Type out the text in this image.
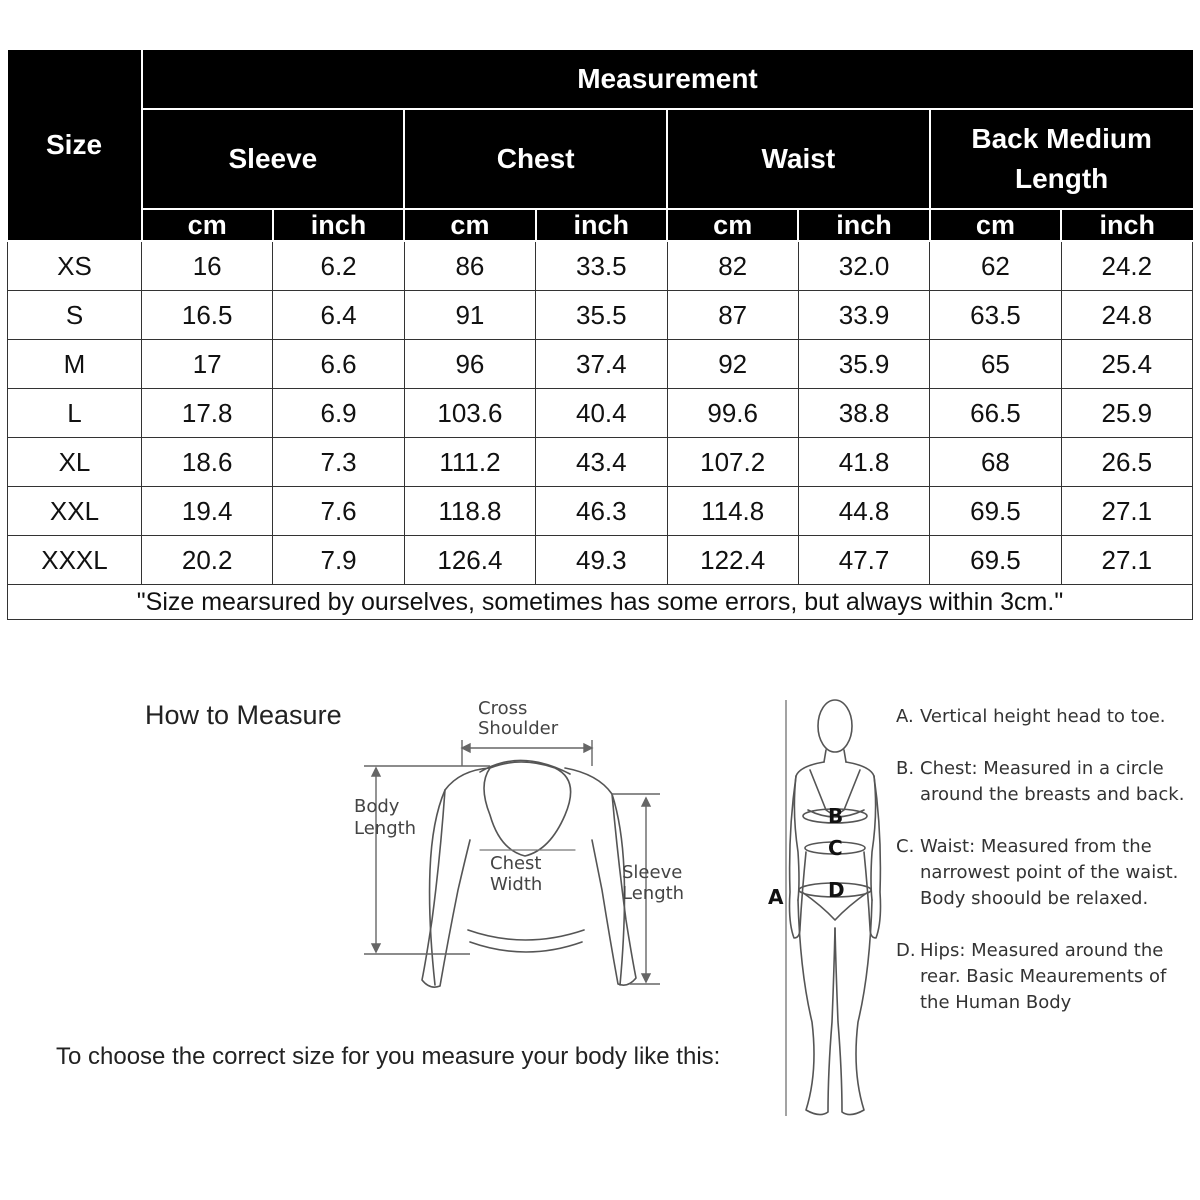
Size	Measurement							
	Sleeve		Chest		Waist		Back Medium Length	
	cm	inch	cm	inch	cm	inch	cm	inch
XS	16	6.2	86	33.5	82	32.0	62	24.2
S	16.5	6.4	91	35.5	87	33.9	63.5	24.8
M	17	6.6	96	37.4	92	35.9	65	25.4
L	17.8	6.9	103.6	40.4	99.6	38.8	66.5	25.9
XL	18.6	7.3	111.2	43.4	107.2	41.8	68	26.5
XXL	19.4	7.6	118.8	46.3	114.8	44.8	69.5	27.1
XXXL	20.2	7.9	126.4	49.3	122.4	47.7	69.5	27.1
"Size mearsured by ourselves, sometimes has some errors, but always within 3cm."								
How to Measure
To choose the correct size for you measure your body like this:
Cross
Shoulder
Body
Length
Chest
Width
Sleeve
Length
B
C
D
A
A. Vertical height head to toe.
B. Chest: Measured in a circle around the breasts and back.
C. Waist: Measured from the narrowest point of the waist. Body shoould be relaxed.
D. Hips: Measured around the rear. Basic Meaurements of the Human Body
